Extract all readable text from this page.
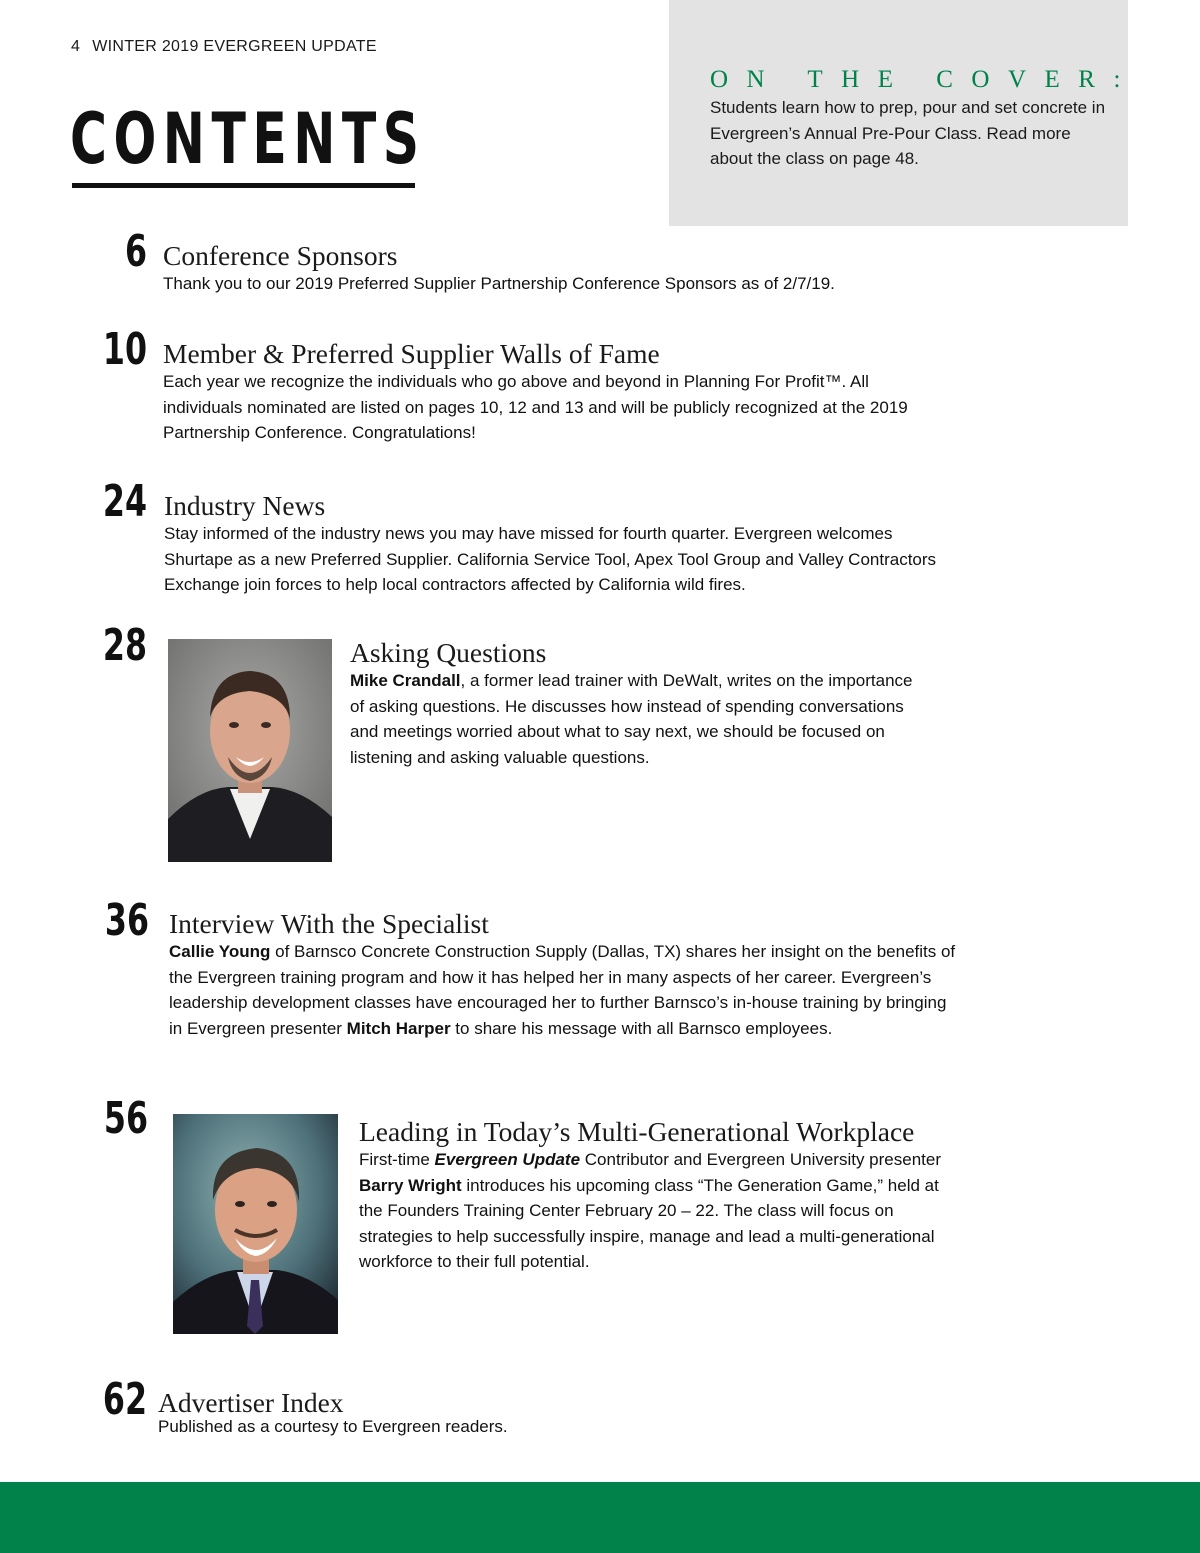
4 WINTER 2019 EVERGREEN UPDATE
CONTENTS
ON THE COVER:
Students learn how to prep, pour and set concrete in Evergreen’s Annual Pre-Pour Class. Read more about the class on page 48.
6 Conference Sponsors
Thank you to our 2019 Preferred Supplier Partnership Conference Sponsors as of 2/7/19.
10 Member & Preferred Supplier Walls of Fame
Each year we recognize the individuals who go above and beyond in Planning For Profit™. All individuals nominated are listed on pages 10, 12 and 13 and will be publicly recognized at the 2019 Partnership Conference. Congratulations!
24 Industry News
Stay informed of the industry news you may have missed for fourth quarter. Evergreen welcomes Shurtape as a new Preferred Supplier. California Service Tool, Apex Tool Group and Valley Contractors Exchange join forces to help local contractors affected by California wild fires.
28	Asking Questions
Mike Crandall, a former lead trainer with DeWalt, writes on the importance of asking questions. He discusses how instead of spending conversations and meetings worried about what to say next, we should be focused on listening and asking valuable questions.
36 Interview With the Specialist
Callie Young of Barnsco Concrete Construction Supply (Dallas, TX) shares her insight on the benefits of the Evergreen training program and how it has helped her in many aspects of her career. Evergreen’s leadership development classes have encouraged her to further Barnsco’s in-house training by bringing in Evergreen presenter Mitch Harper to share his message with all Barnsco employees.
56	Leading in Today’s Multi-Generational Workplace
First-time Evergreen Update Contributor and Evergreen University presenter Barry Wright introduces his upcoming class “The Generation Game,” held at the Founders Training Center February 20 – 22. The class will focus on strategies to help successfully inspire, manage and lead a multi-generational workforce to their full potential.
62 Advertiser Index
Published as a courtesy to Evergreen readers.
